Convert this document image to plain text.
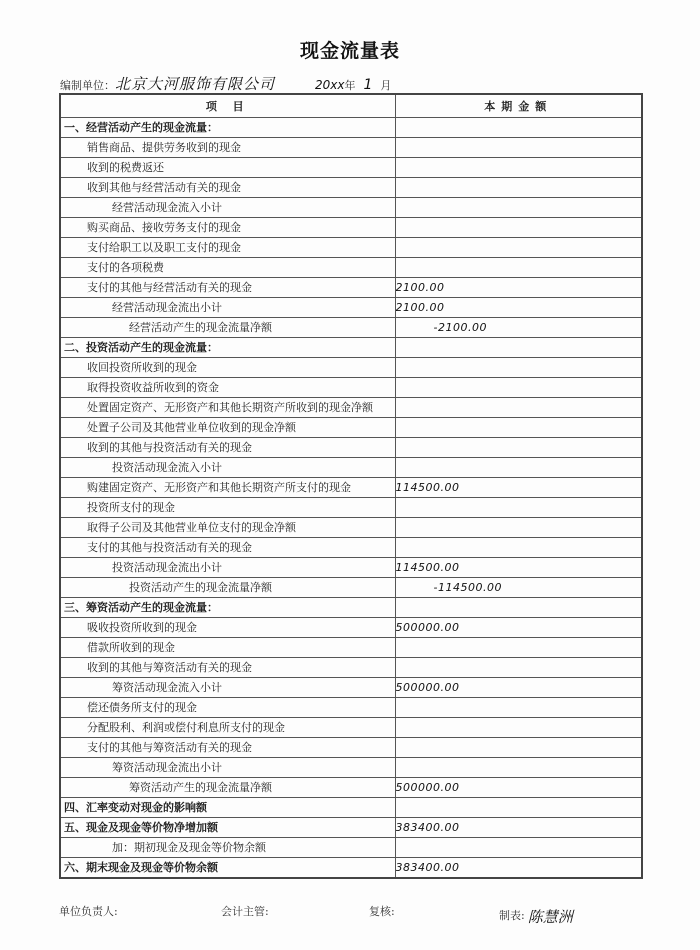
现金流量表
编制单位： 北京大河服饰有限公司	20xx 年 1 月
项 目	本期金额
一、经营活动产生的现金流量：	
销售商品、提供劳务收到的现金	
收到的税费返还	
收到其他与经营活动有关的现金	
经营活动现金流入小计	
购买商品、接收劳务支付的现金	
支付给职工以及职工支付的现金	
支付的各项税费	
支付的其他与经营活动有关的现金	2100.00
经营活动现金流出小计	2100.00
经营活动产生的现金流量净额	-2100.00
二、投资活动产生的现金流量：	
收回投资所收到的现金	
取得投资收益所收到的资金	
处置固定资产、无形资产和其他长期资产所收到的现金净额	
处置子公司及其他营业单位收到的现金净额	
收到的其他与投资活动有关的现金	
投资活动现金流入小计	
购建固定资产、无形资产和其他长期资产所支付的现金	114500.00
投资所支付的现金	
取得子公司及其他营业单位支付的现金净额	
支付的其他与投资活动有关的现金	
投资活动现金流出小计	114500.00
投资活动产生的现金流量净额	-114500.00
三、筹资活动产生的现金流量：	
吸收投资所收到的现金	500000.00
借款所收到的现金	
收到的其他与筹资活动有关的现金	
筹资活动现金流入小计	500000.00
偿还债务所支付的现金	
分配股利、利润或偿付利息所支付的现金	
支付的其他与筹资活动有关的现金	
筹资活动现金流出小计	
筹资活动产生的现金流量净额	500000.00
四、汇率变动对现金的影响额	
五、现金及现金等价物净增加额	383400.00
加：期初现金及现金等价物余额	
六、期末现金及现金等价物余额	383400.00
单位负责人:	会计主管:	复核:	制表: 陈慧洲
